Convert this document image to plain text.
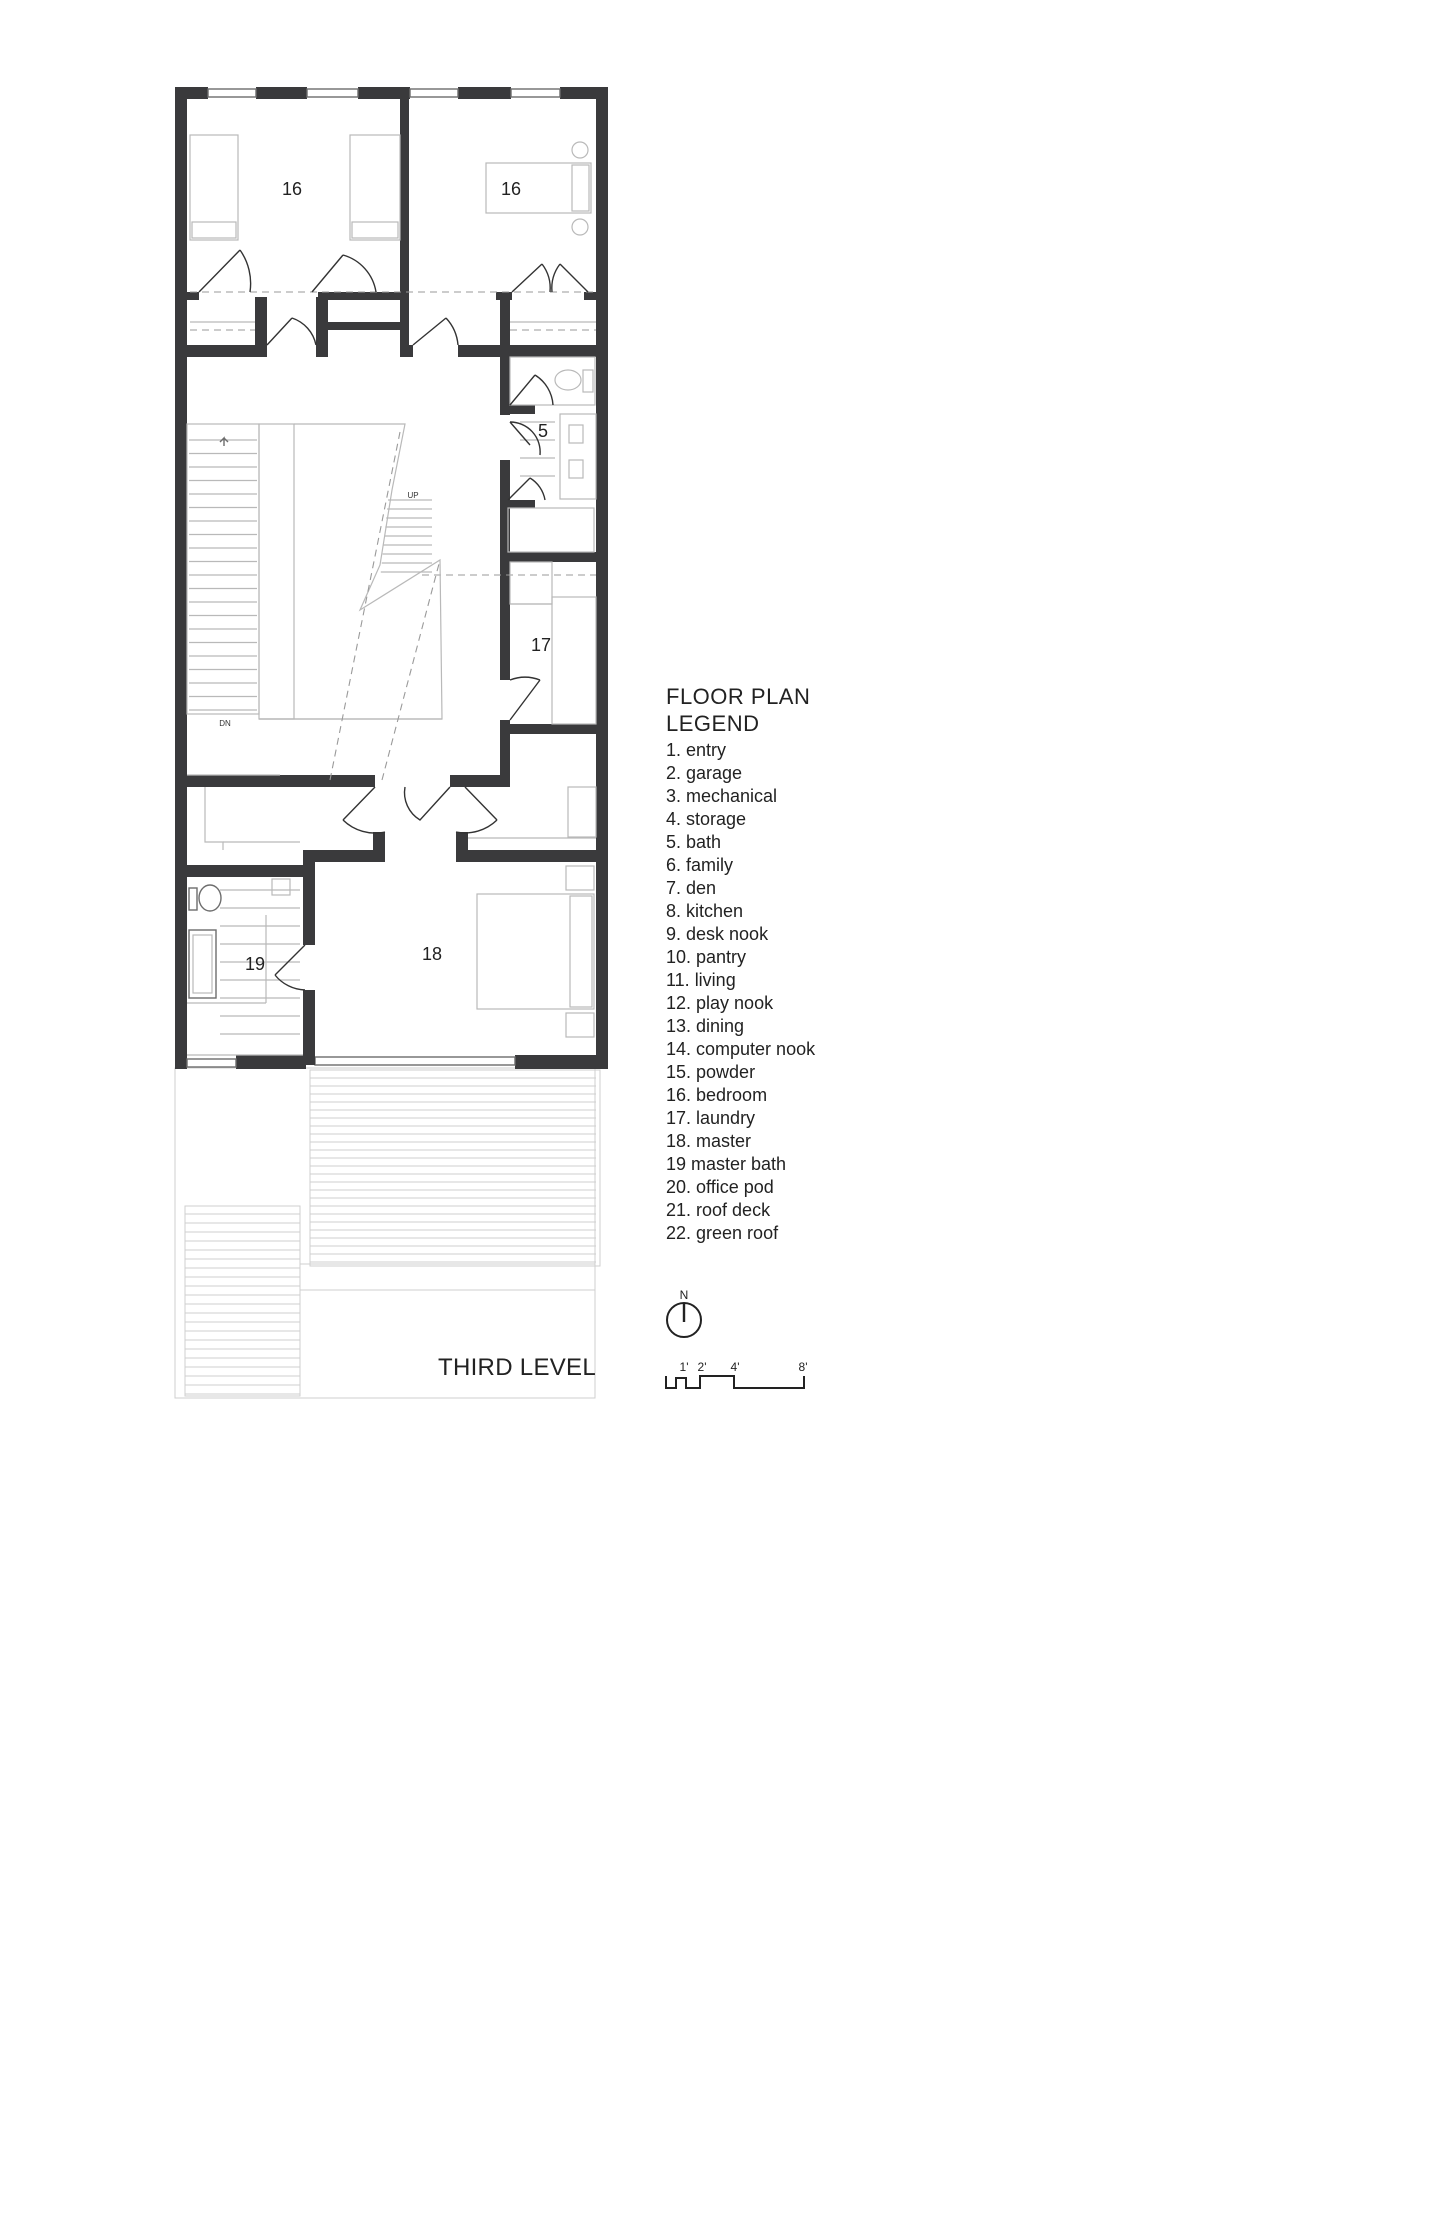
16	16
5
17
18
19
UP
DN
N
1' 2' 4'	8'
FLOOR PLAN LEGEND
1. entry
2. garage
3. mechanical
4. storage
5. bath
6. family
7. den
8. kitchen
9. desk nook
10. pantry
11. living
12. play nook
13. dining
14. computer nook
15. powder
16. bedroom
17. laundry
18. master
19 master bath
20. office pod
21. roof deck
22. green roof
THIRD LEVEL
